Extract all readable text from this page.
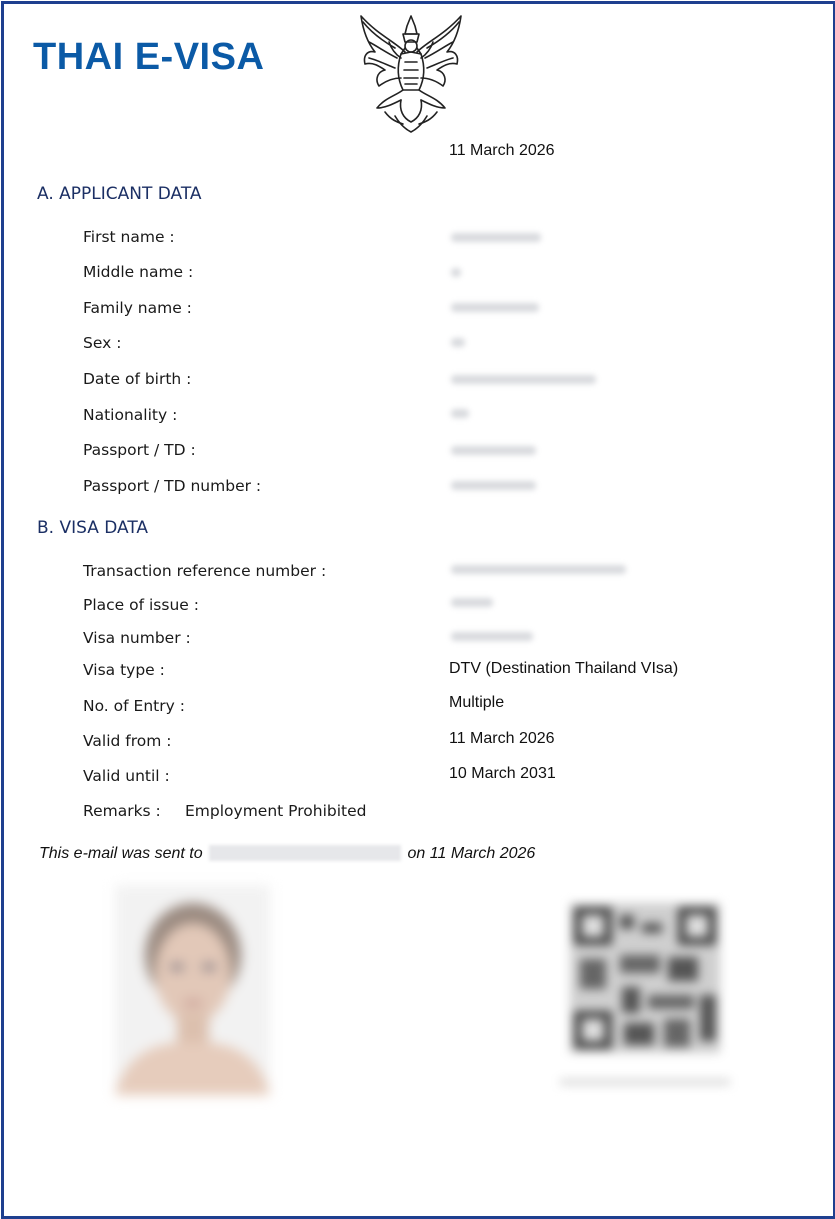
THAI E-VISA
11 March 2026
A. APPLICANT DATA
First name :
Middle name :
Family name :
Sex :
Date of birth :
Nationality :
Passport / TD :
Passport / TD number :
B. VISA DATA
Transaction reference number :
Place of issue :
Visa number :
Visa type :	DTV (Destination Thailand VIsa)
No. of Entry :	Multiple
Valid from :	11 March 2026
Valid until :	10 March 2031
Remarks : Employment Prohibited
This e-mail was sent to	on 11 March 2026
